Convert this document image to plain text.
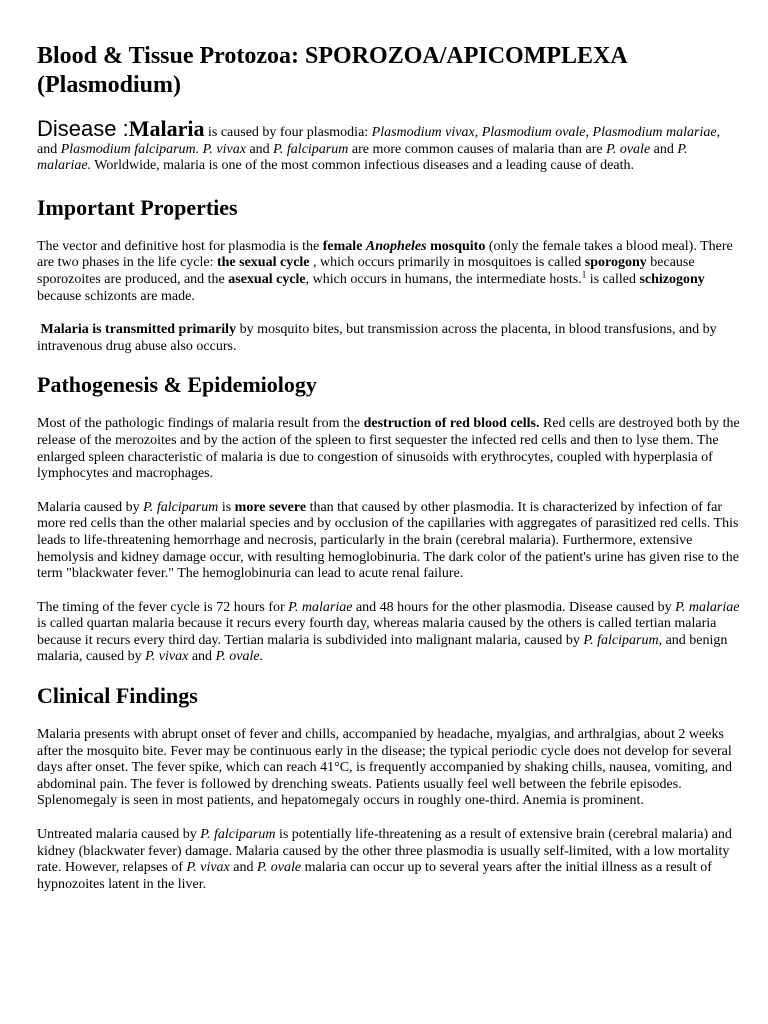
Blood & Tissue Protozoa: SPOROZOA/APICOMPLEXA (Plasmodium)

Disease :Malaria is caused by four plasmodia: Plasmodium vivax, Plasmodium ovale, Plasmodium malariae, and Plasmodium falciparum. P. vivax and P. falciparum are more common causes of malaria than are P. ovale and P. malariae. Worldwide, malaria is one of the most common infectious diseases and a leading cause of death.

Important Properties

The vector and definitive host for plasmodia is the female Anopheles mosquito (only the female takes a blood meal). There are two phases in the life cycle: the sexual cycle , which occurs primarily in mosquitoes is called sporogony because sporozoites are produced, and the asexual cycle, which occurs in humans, the intermediate hosts.$^1$ is called schizogony because schizonts are made.

Malaria is transmitted primarily by mosquito bites, but transmission across the placenta, in blood transfusions, and by intravenous drug abuse also occurs.

Pathogenesis & Epidemiology

Most of the pathologic findings of malaria result from the destruction of red blood cells. Red cells are destroyed both by the release of the merozoites and by the action of the spleen to first sequester the infected red cells and then to lyse them. The enlarged spleen characteristic of malaria is due to congestion of sinusoids with erythrocytes, coupled with hyperplasia of lymphocytes and macrophages.

Malaria caused by P. falciparum is more severe than that caused by other plasmodia. It is characterized by infection of far more red cells than the other malarial species and by occlusion of the capillaries with aggregates of parasitized red cells. This leads to life-threatening hemorrhage and necrosis, particularly in the brain (cerebral malaria). Furthermore, extensive hemolysis and kidney damage occur, with resulting hemoglobinuria. The dark color of the patient's urine has given rise to the term "blackwater fever." The hemoglobinuria can lead to acute renal failure.

The timing of the fever cycle is 72 hours for P. malariae and 48 hours for the other plasmodia. Disease caused by P. malariae is called quartan malaria because it recurs every fourth day, whereas malaria caused by the others is called tertian malaria because it recurs every third day. Tertian malaria is subdivided into malignant malaria, caused by P. falciparum, and benign malaria, caused by P. vivax and P. ovale.

Clinical Findings

Malaria presents with abrupt onset of fever and chills, accompanied by headache, myalgias, and arthralgias, about 2 weeks after the mosquito bite. Fever may be continuous early in the disease; the typical periodic cycle does not develop for several days after onset. The fever spike, which can reach 41°C, is frequently accompanied by shaking chills, nausea, vomiting, and abdominal pain. The fever is followed by drenching sweats. Patients usually feel well between the febrile episodes. Splenomegaly is seen in most patients, and hepatomegaly occurs in roughly one-third. Anemia is prominent.

Untreated malaria caused by P. falciparum is potentially life-threatening as a result of extensive brain (cerebral malaria) and kidney (blackwater fever) damage. Malaria caused by the other three plasmodia is usually self-limited, with a low mortality rate. However, relapses of P. vivax and P. ovale malaria can occur up to several years after the initial illness as a result of hypnozoites latent in the liver.
